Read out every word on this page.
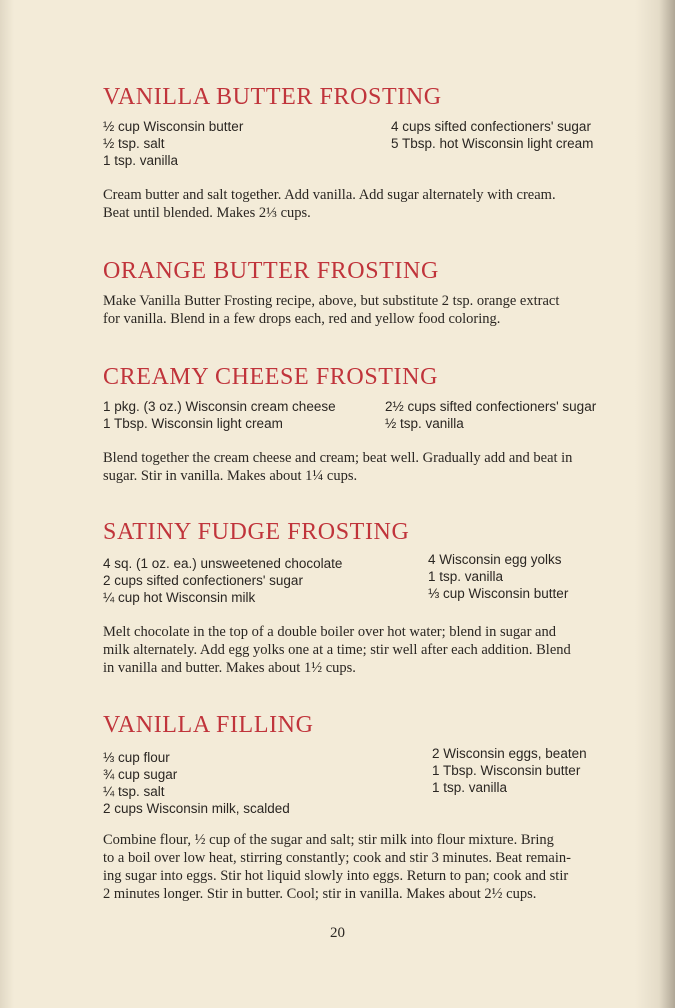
VANILLA BUTTER FROSTING
½ cup Wisconsin butter
½ tsp. salt
1 tsp. vanilla
4 cups sifted confectioners' sugar
5 Tbsp. hot Wisconsin light cream
Cream butter and salt together. Add vanilla. Add sugar alternately with cream.
Beat until blended. Makes 2⅓ cups.
ORANGE BUTTER FROSTING
Make Vanilla Butter Frosting recipe, above, but substitute 2 tsp. orange extract
for vanilla. Blend in a few drops each, red and yellow food coloring.
CREAMY CHEESE FROSTING
1 pkg. (3 oz.) Wisconsin cream cheese
1 Tbsp. Wisconsin light cream
2½ cups sifted confectioners' sugar
½ tsp. vanilla
Blend together the cream cheese and cream; beat well. Gradually add and beat in
sugar. Stir in vanilla. Makes about 1¼ cups.
SATINY FUDGE FROSTING
4 sq. (1 oz. ea.) unsweetened chocolate
2 cups sifted confectioners' sugar
¼ cup hot Wisconsin milk
4 Wisconsin egg yolks
1 tsp. vanilla
⅓ cup Wisconsin butter
Melt chocolate in the top of a double boiler over hot water; blend in sugar and
milk alternately. Add egg yolks one at a time; stir well after each addition. Blend
in vanilla and butter. Makes about 1½ cups.
VANILLA FILLING
⅓ cup flour
¾ cup sugar
¼ tsp. salt
2 cups Wisconsin milk, scalded
2 Wisconsin eggs, beaten
1 Tbsp. Wisconsin butter
1 tsp. vanilla
Combine flour, ½ cup of the sugar and salt; stir milk into flour mixture. Bring
to a boil over low heat, stirring constantly; cook and stir 3 minutes. Beat remain-
ing sugar into eggs. Stir hot liquid slowly into eggs. Return to pan; cook and stir
2 minutes longer. Stir in butter. Cool; stir in vanilla. Makes about 2½ cups.
20
